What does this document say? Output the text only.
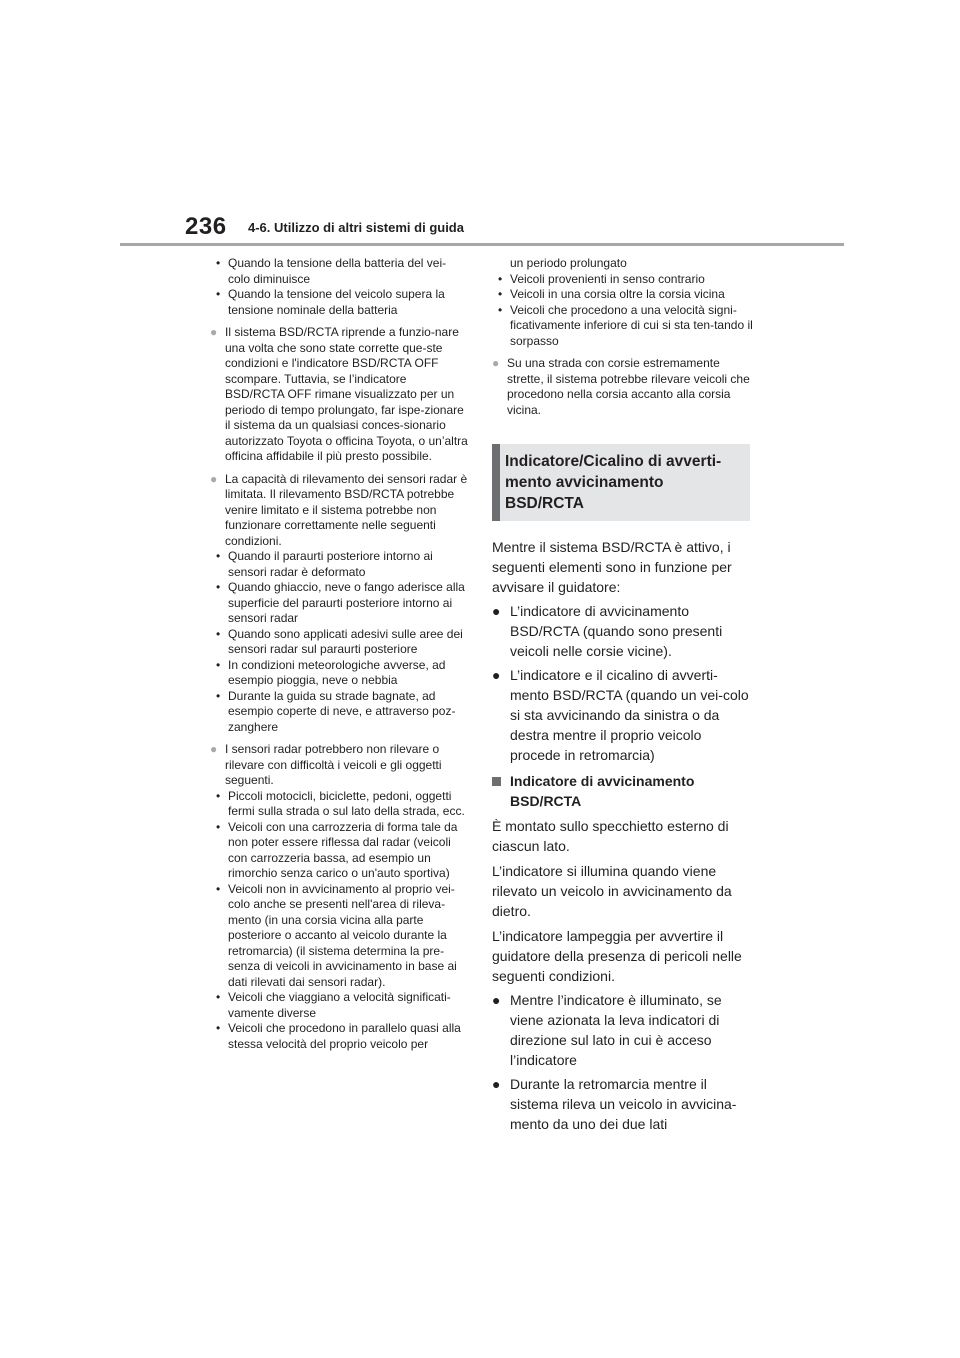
236 4-6. Utilizzo di altri sistemi di guida
• Quando la tensione della batteria del vei-colo diminuisce
• Quando la tensione del veicolo supera la tensione nominale della batteria
● Il sistema BSD/RCTA riprende a funzio-nare una volta che sono state corrette que-ste condizioni e l'indicatore BSD/RCTA OFF scompare. Tuttavia, se l’indicatore BSD/RCTA OFF rimane visualizzato per un periodo di tempo prolungato, far ispe-zionare il sistema da un qualsiasi conces-sionario autorizzato Toyota o officina Toyota, o un’altra officina affidabile il più presto possibile.
● La capacità di rilevamento dei sensori radar è limitata. Il rilevamento BSD/RCTA potrebbe venire limitato e il sistema potrebbe non funzionare correttamente nelle seguenti condizioni.
• Quando il paraurti posteriore intorno ai sensori radar è deformato
• Quando ghiaccio, neve o fango aderisce alla superficie del paraurti posteriore intorno ai sensori radar
• Quando sono applicati adesivi sulle aree dei sensori radar sul paraurti posteriore
• In condizioni meteorologiche avverse, ad esempio pioggia, neve o nebbia
• Durante la guida su strade bagnate, ad esempio coperte di neve, e attraverso poz-zanghere
● I sensori radar potrebbero non rilevare o rilevare con difficoltà i veicoli e gli oggetti seguenti.
• Piccoli motocicli, biciclette, pedoni, oggetti fermi sulla strada o sul lato della strada, ecc.
• Veicoli con una carrozzeria di forma tale da non poter essere riflessa dal radar (veicoli con carrozzeria bassa, ad esempio un rimorchio senza carico o un'auto sportiva)
• Veicoli non in avvicinamento al proprio vei-colo anche se presenti nell'area di rileva-mento (in una corsia vicina alla parte posteriore o accanto al veicolo durante la retromarcia) (il sistema determina la pre-senza di veicoli in avvicinamento in base ai dati rilevati dai sensori radar).
• Veicoli che viaggiano a velocità significati-vamente diverse
• Veicoli che procedono in parallelo quasi alla stessa velocità del proprio veicolo per
un periodo prolungato
• Veicoli provenienti in senso contrario
• Veicoli in una corsia oltre la corsia vicina
• Veicoli che procedono a una velocità signi-ficativamente inferiore di cui si sta ten-tando il sorpasso
● Su una strada con corsie estremamente strette, il sistema potrebbe rilevare veicoli che procedono nella corsia accanto alla corsia vicina.
Indicatore/Cicalino di avverti-mento avvicinamento BSD/RCTA
Mentre il sistema BSD/RCTA è attivo, i seguenti elementi sono in funzione per avvisare il guidatore:
● L’indicatore di avvicinamento BSD/RCTA (quando sono presenti veicoli nelle corsie vicine).
● L’indicatore e il cicalino di avverti-mento BSD/RCTA (quando un vei-colo si sta avvicinando da sinistra o da destra mentre il proprio veicolo procede in retromarcia)
Indicatore di avvicinamento BSD/RCTA
È montato sullo specchietto esterno di ciascun lato.
L’indicatore si illumina quando viene rilevato un veicolo in avvicinamento da dietro.
L’indicatore lampeggia per avvertire il guidatore della presenza di pericoli nelle seguenti condizioni.
● Mentre l’indicatore è illuminato, se viene azionata la leva indicatori di direzione sul lato in cui è acceso l’indicatore
● Durante la retromarcia mentre il sistema rileva un veicolo in avvicina-mento da uno dei due lati
